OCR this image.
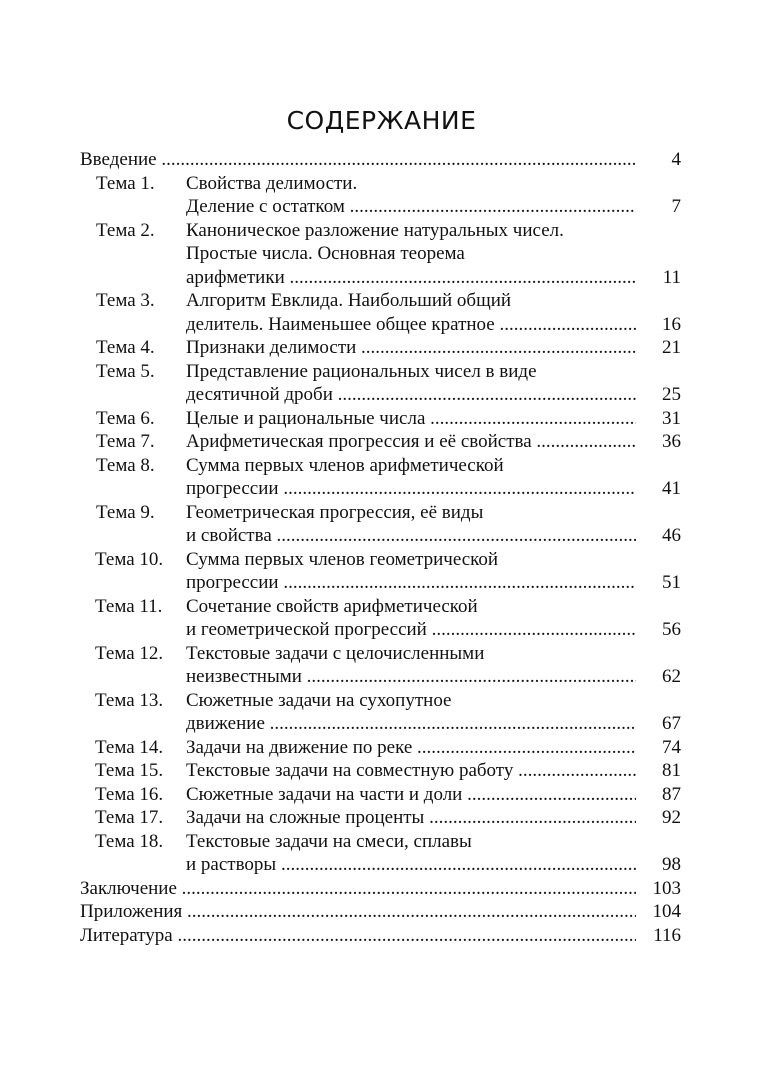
СОДЕРЖАНИЕ
Введение .....	4
Тема 1. Свойства делимости.
Деление с остатком .....	7
Тема 2. Каноническое разложение натуральных чисел.
Простые числа. Основная теорема
арифметики .....	11
Тема 3. Алгоритм Евклида. Наибольший общий
делитель. Наименьшее общее кратное .....	16
Тема 4. Признаки делимости .....	21
Тема 5. Представление рациональных чисел в виде
десятичной дроби .....	25
Тема 6. Целые и рациональные числа .....	31
Тема 7. Арифметическая прогрессия и её свойства .....	36
Тема 8. Сумма первых членов арифметической
прогрессии .....	41
Тема 9. Геометрическая прогрессия, её виды
и свойства .....	46
Тема 10. Сумма первых членов геометрической
прогрессии .....	51
Тема 11. Сочетание свойств арифметической
и геометрической прогрессий .....	56
Тема 12. Текстовые задачи с целочисленными
неизвестными .....	62
Тема 13. Сюжетные задачи на сухопутное
движение .....	67
Тема 14. Задачи на движение по реке .....	74
Тема 15. Текстовые задачи на совместную работу .....	81
Тема 16. Сюжетные задачи на части и доли .....	87
Тема 17. Задачи на сложные проценты .....	92
Тема 18. Текстовые задачи на смеси, сплавы
и растворы .....	98
Заключение .....	103
Приложения .....	104
Литература .....	116
